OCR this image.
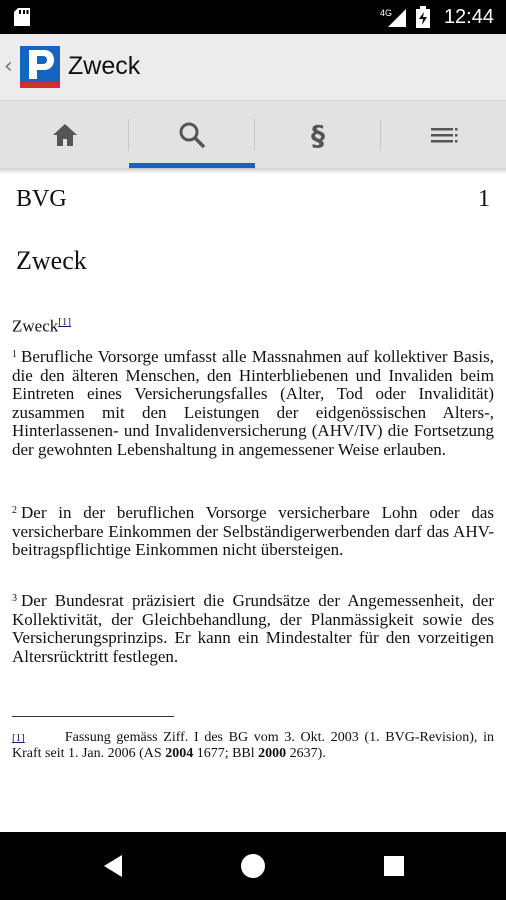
4G	12:44
‹ Zweck
§
BVG	1
Zweck
Zweck[1]
$^1$ Berufliche Vorsorge umfasst alle Massnahmen auf kollektiver Basis, die den älteren Menschen, den Hinterbliebenen und Invaliden beim Eintreten eines Versicherungsfalles (Alter, Tod oder Invalidität) zusammen mit den Leistungen der eidgenössischen Alters-, Hinterlassenen- und Invalidenversicherung (AHV/IV) die Fortsetzung der gewohnten Lebenshaltung in angemessener Weise erlauben.
$^2$ Der in der beruflichen Vorsorge versicherbare Lohn oder das versicherbare Einkommen der Selbständigerwerbenden darf das AHV-beitragspflichtige Einkommen nicht übersteigen.
$^3$ Der Bundesrat präzisiert die Grundsätze der Angemessenheit, der Kollektivität, der Gleichbehandlung, der Planmässigkeit sowie des Versicherungsprinzips. Er kann ein Mindestalter für den vorzeitigen Altersrücktritt festlegen.
[1]	Fassung gemäss Ziff. I des BG vom 3. Okt. 2003 (1. BVG-Revision), in Kraft seit 1. Jan. 2006 (AS 2004 1677; BBl 2000 2637).
